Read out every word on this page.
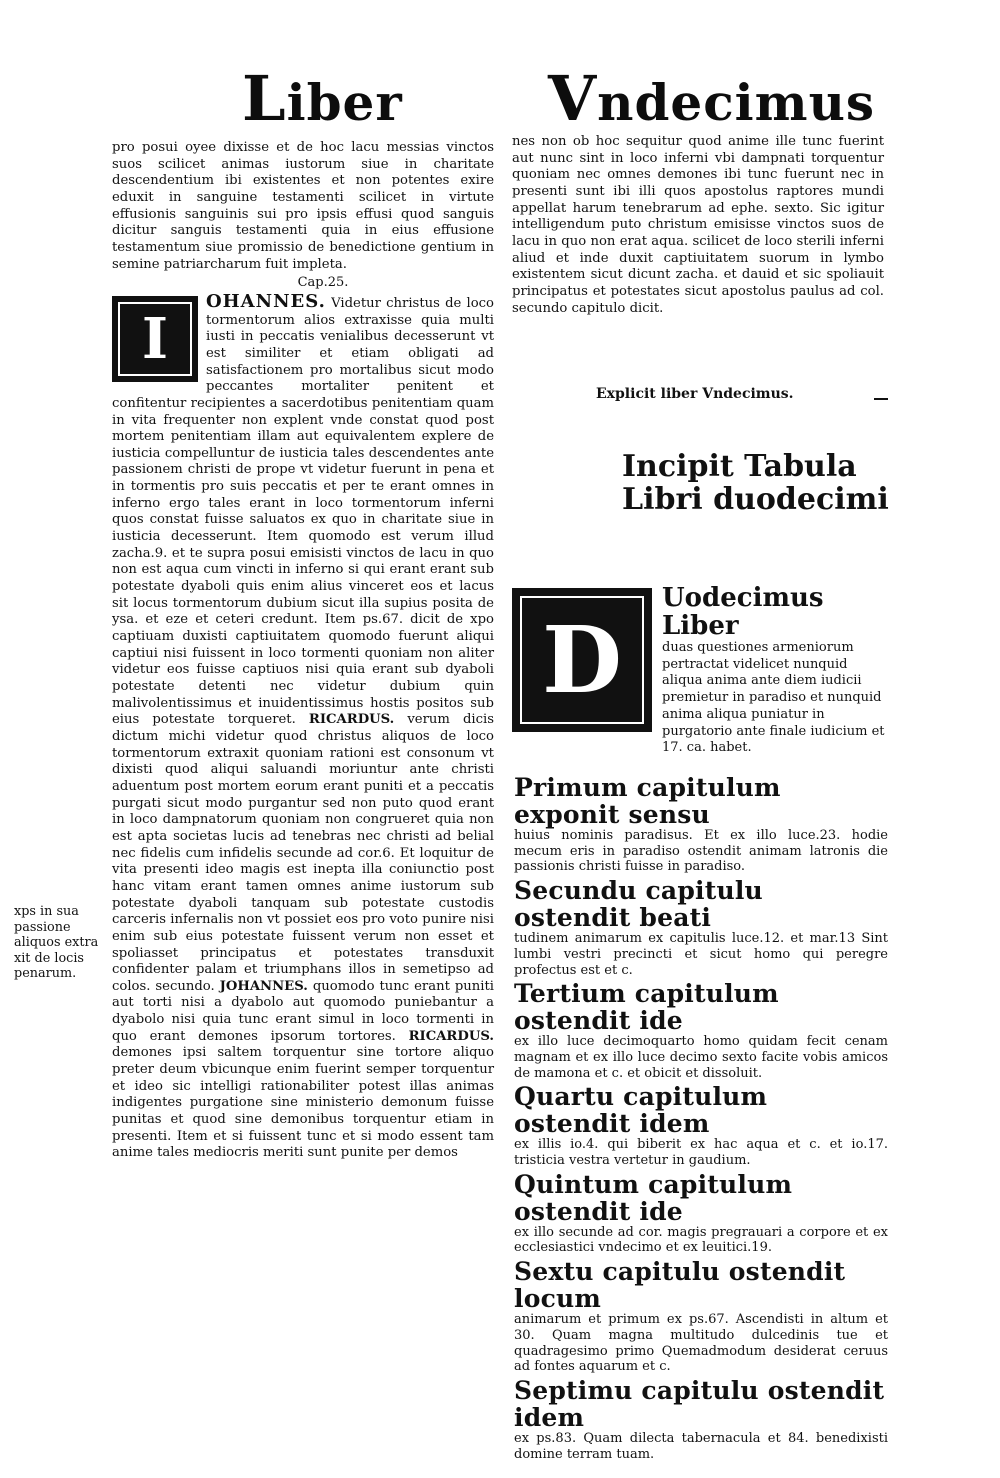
Liber Vndecimus

pro posui oyee dixisse et de hoc lacu messias vinctos suos scilicet animas iustorum siue in charitate descendentium ibi existentes et non potentes exire eduxit in sanguine testamenti scilicet in virtute effusionis sanguinis sui pro ipsis effusi quod sanguis dicitur sanguis testamenti quia in eius effusione testamentum siue promissio de benedictione gentium in semine patriarcharum fuit impleta.

Cap.25.

I

OHANNES. Videtur christus de loco tormentorum alios extraxisse quia multi iusti in peccatis venialibus decesserunt vt est similiter et etiam obligati ad satisfactionem pro mortalibus sicut modo peccantes mortaliter penitent et confitentur recipientes a sacerdotibus penitentiam quam in vita frequenter non explent vnde constat quod post mortem penitentiam illam aut equivalentem explere de iusticia compelluntur de iusticia tales descendentes ante passionem christi de prope vt videtur fuerunt in pena et in tormentis pro suis peccatis et per te erant omnes in inferno ergo tales erant in loco tormentorum inferni quos constat fuisse saluatos ex quo in charitate siue in iusticia decesserunt. Item quomodo est verum illud zacha.9. et te supra posui emisisti vinctos de lacu in quo non est aqua cum vincti in inferno si qui erant erant sub potestate dyaboli quis enim alius vinceret eos et lacus sit locus tormentorum dubium sicut illa supius posita de ysa. et eze et ceteri credunt. Item ps.67. dicit de xpo captiuam duxisti captiuitatem quomodo fuerunt aliqui captiui nisi fuissent in loco tormenti quoniam non aliter videtur eos fuisse captiuos nisi quia erant sub dyaboli potestate detenti nec videtur dubium quin malivolentissimus et inuidentissimus hostis positos sub eius potestate torqueret. RICARDUS. verum dicis dictum michi videtur quod christus aliquos de loco tormentorum extraxit quoniam rationi est consonum vt dixisti quod aliqui saluandi moriuntur ante christi aduentum post mortem eorum erant puniti et a peccatis purgati sicut modo purgantur sed non puto quod erant in loco dampnatorum quoniam non congrueret quia non est apta societas lucis ad tenebras nec christi ad belial nec fidelis cum infidelis secunde ad cor.6. Et loquitur de vita presenti ideo magis est inepta illa coniunctio post hanc vitam erant tamen omnes anime iustorum sub potestate dyaboli tanquam sub potestate custodis carceris infernalis non vt possiet eos pro voto punire nisi enim sub eius potestate fuissent verum non esset et spoliasset principatus et potestates transduxit confidenter palam et triumphans illos in semetipso ad colos. secundo. JOHANNES. quomodo tunc erant puniti aut torti nisi a dyabolo aut quomodo puniebantur a dyabolo nisi quia tunc erant simul in loco tormenti in quo erant demones ipsorum tortores. RICARDUS. demones ipsi saltem torquentur sine tortore aliquo preter deum vbicunque enim fuerint semper torquentur et ideo sic intelligi rationabiliter potest illas animas indigentes purgatione sine ministerio demonum fuisse punitas et quod sine demonibus torquentur etiam in presenti. Item et si fuissent tunc et si modo essent tam anime tales mediocris meriti sunt punite per demos

xps in sua passione aliquos extra xit de locis penarum.

nes non ob hoc sequitur quod anime ille tunc fuerint aut nunc sint in loco inferni vbi dampnati torquentur quoniam nec omnes demones ibi tunc fuerunt nec in presenti sunt ibi illi quos apostolus raptores mundi appellat harum tenebrarum ad ephe. sexto. Sic igitur intelligendum puto christum emisisse vinctos suos de lacu in quo non erat aqua. scilicet de loco sterili inferni aliud et inde duxit captiuitatem suorum in lymbo existentem sicut dicunt zacha. et dauid et sic spoliauit principatus et potestates sicut apostolus paulus ad col. secundo capitulo dicit.

Explicit liber Vndecimus.
Incipit Tabula
Libri duodecimi
D
Uodecimus Liber
duas questiones armeniorum pertractat videlicet nunquid aliqua anima ante diem iudicii premietur in paradiso et nunquid anima aliqua puniatur in purgatorio ante finale iudicium et 17. ca. habet.
Primum capitulum exponit sensu
huius nominis paradisus. Et ex illo luce.23. hodie mecum eris in paradiso ostendit animam latronis die passionis christi fuisse in paradiso.
Secundu capitulu ostendit beati
tudinem animarum ex capitulis luce.12. et mar.13 Sint lumbi vestri precincti et sicut homo qui peregre profectus est et c.
Tertium capitulum ostendit ide
ex illo luce decimoquarto homo quidam fecit cenam magnam et ex illo luce decimo sexto facite vobis amicos de mamona et c. et obicit et dissoluit.
Quartu capitulum ostendit idem
ex illis io.4. qui biberit ex hac aqua et c. et io.17. tristicia vestra vertetur in gaudium.
Quintum capitulum ostendit ide
ex illo secunde ad cor. magis pregrauari a corpore et ex ecclesiastici vndecimo et ex leuitici.19.
Sextu capitulu ostendit locum
animarum et primum ex ps.67. Ascendisti in altum et 30. Quam magna multitudo dulcedinis tue et quadragesimo primo Quemadmodum desiderat ceruus ad fontes aquarum et c.
Septimu capitulu ostendit idem
ex ps.83. Quam dilecta tabernacula et 84. benedixisti domine terram tuam.
